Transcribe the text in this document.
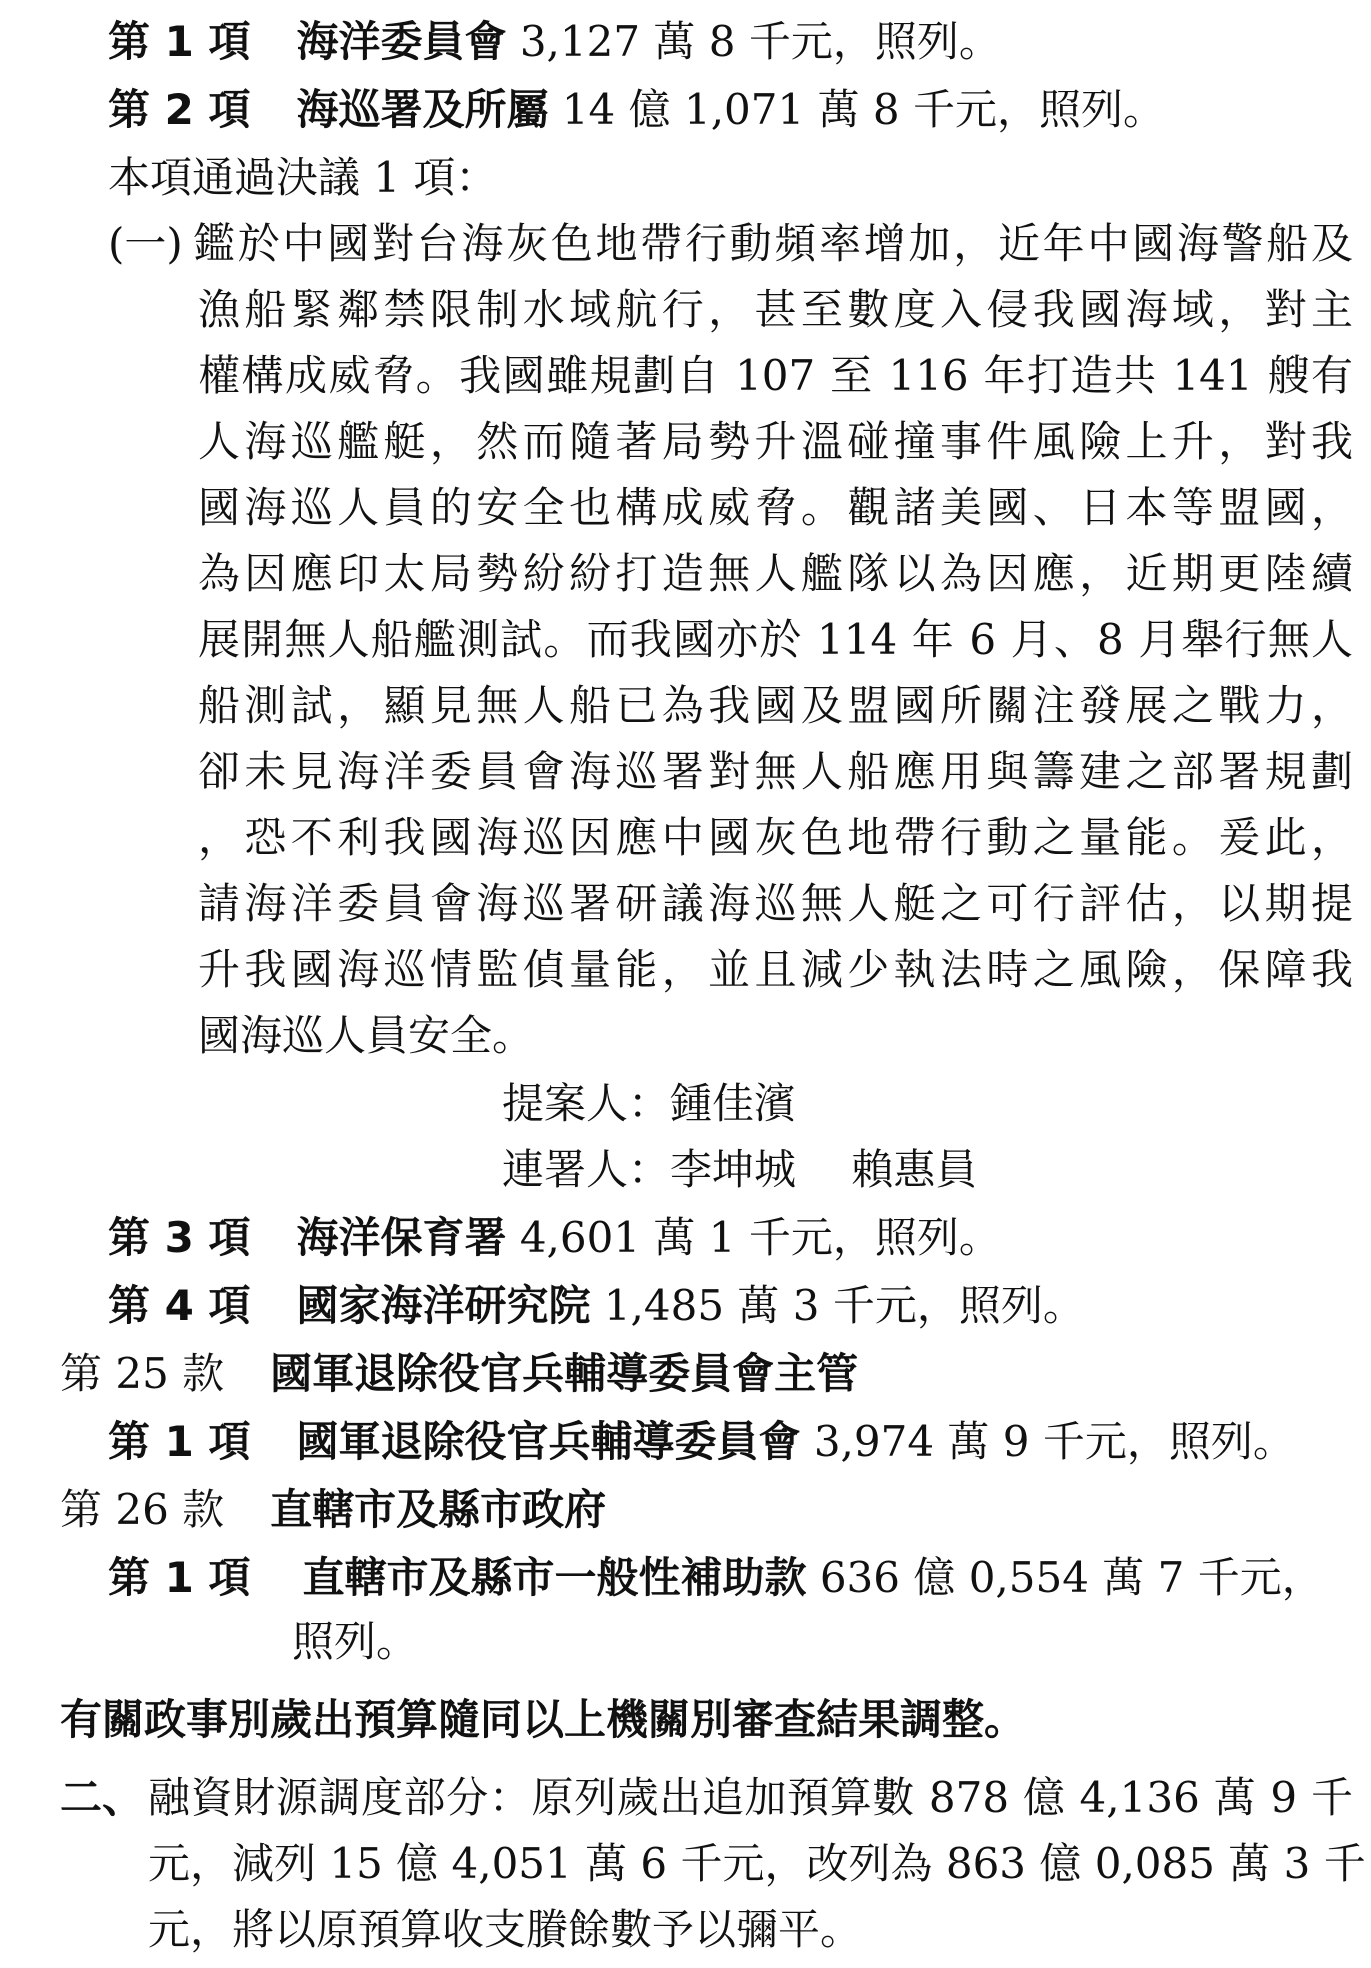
第 1 項 海洋委員會 3,127 萬 8 千元，照列。
第 2 項 海巡署及所屬 14 億 1,071 萬 8 千元，照列。
本項通過決議 1 項：
(一) 鑑於中國對台海灰色地帶行動頻率增加，近年中國海警船及
漁船緊鄰禁限制水域航行，甚至數度入侵我國海域，對主
權構成威脅。我國雖規劃自 107 至 116 年打造共 141 艘有
人海巡艦艇，然而隨著局勢升溫碰撞事件風險上升，對我
國海巡人員的安全也構成威脅。觀諸美國、日本等盟國，
為因應印太局勢紛紛打造無人艦隊以為因應，近期更陸續
展開無人船艦測試。而我國亦於 114 年 6 月、8 月舉行無人
船測試，顯見無人船已為我國及盟國所關注發展之戰力，
卻未見海洋委員會海巡署對無人船應用與籌建之部署規劃
，恐不利我國海巡因應中國灰色地帶行動之量能。爰此，
請海洋委員會海巡署研議海巡無人艇之可行評估，以期提
升我國海巡情監偵量能，並且減少執法時之風險，保障我
國海巡人員安全。
提案人：鍾佳濱
連署人：李坤城　 賴惠員
第 3 項 海洋保育署 4,601 萬 1 千元，照列。
第 4 項 國家海洋研究院 1,485 萬 3 千元，照列。
第 25 款 國軍退除役官兵輔導委員會主管
第 1 項 國軍退除役官兵輔導委員會 3,974 萬 9 千元，照列。
第 26 款 直轄市及縣市政府
第 1 項 直轄市及縣市一般性補助款 636 億 0,554 萬 7 千元，
照列。
有關政事別歲出預算隨同以上機關別審查結果調整。
二、 融資財源調度部分：原列歲出追加預算數 878 億 4,136 萬 9 千
元，減列 15 億 4,051 萬 6 千元，改列為 863 億 0,085 萬 3 千
元，將以原預算收支賸餘數予以彌平。
